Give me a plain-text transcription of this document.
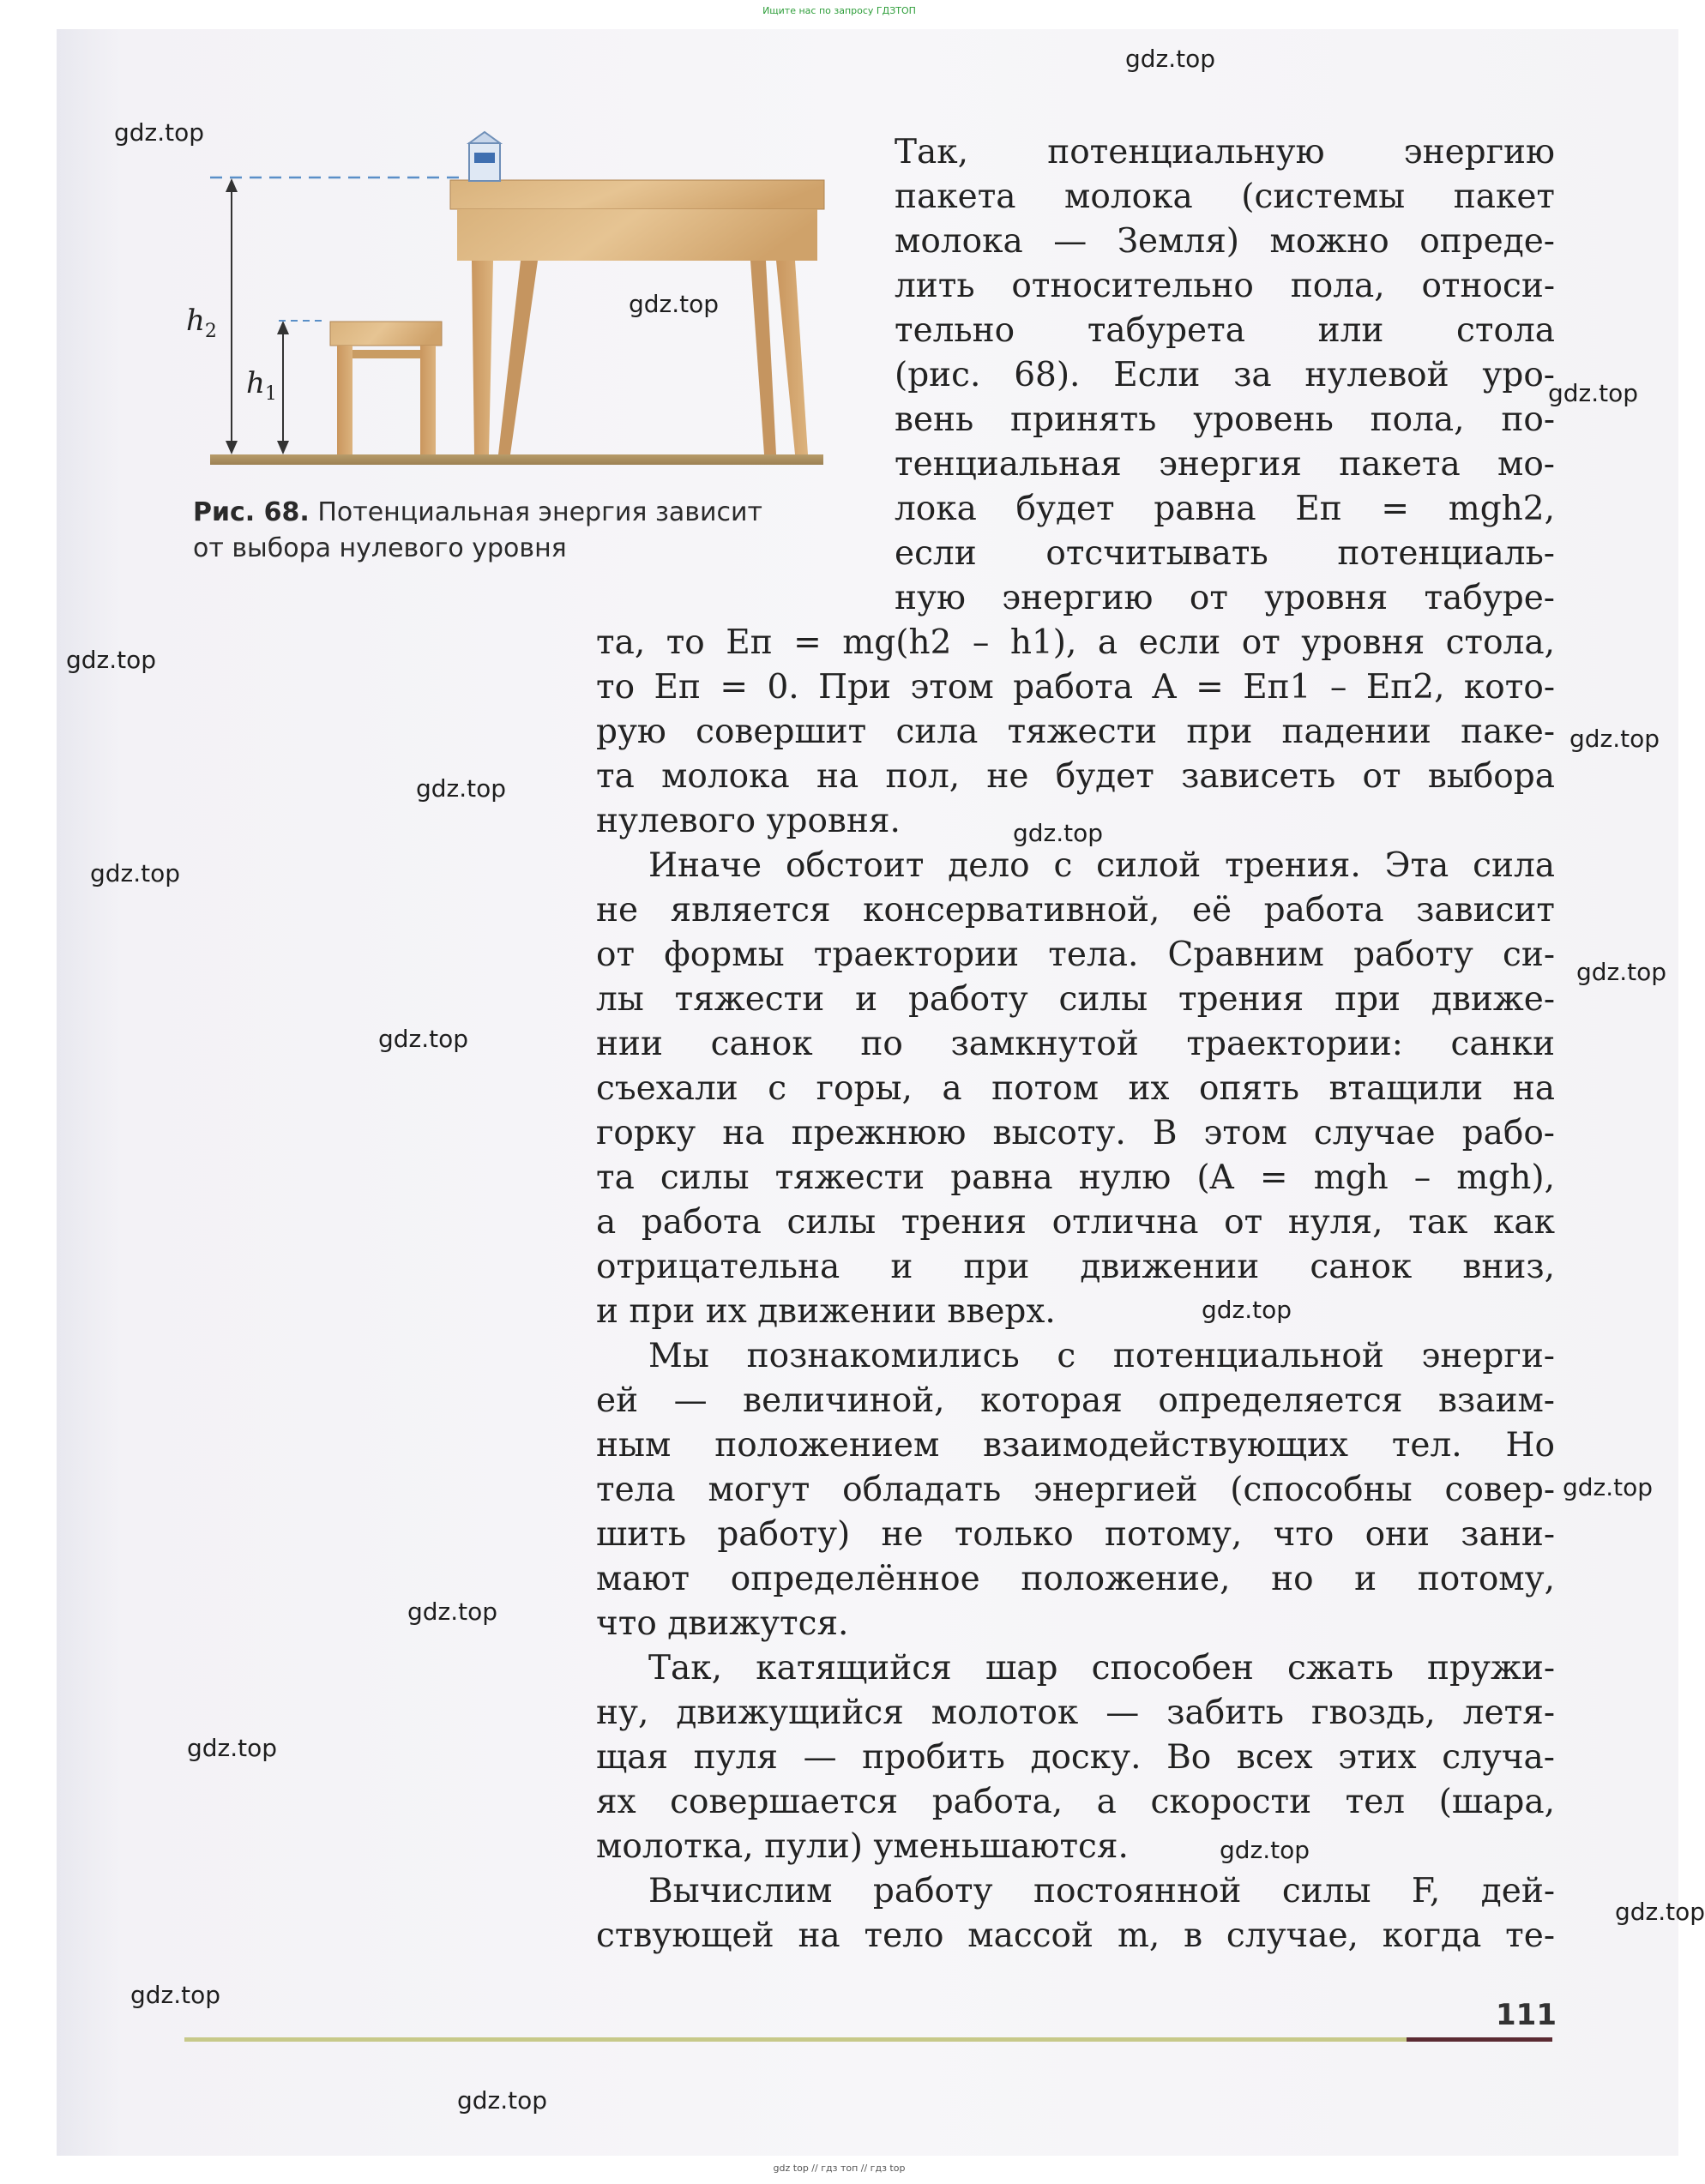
Ищите нас по запросу ГДЗТОП
$h_2$
$h_1$
Рис. 68. Потенциальная энергия зависит
от выбора нулевого уровня
Так, потенциальную энергию
пакета молока (системы пакет
молока — Земля) можно опреде-
лить относительно пола, относи-
тельно табурета или стола
(рис. 68). Если за нулевой уро-
вень принять уровень пола, по-
тенциальная энергия пакета мо-
лока будет равна Eп = mgh2,
если отсчитывать потенциаль-
ную энергию от уровня табуре-
та, то Eп = mg(h2 – h1), а если от уровня стола,
то Eп = 0. При этом работа A = Eп1 – Eп2, кото-
рую совершит сила тяжести при падении паке-
та молока на пол, не будет зависеть от выбора
нулевого уровня.
Иначе обстоит дело с силой трения. Эта сила
не является консервативной, её работа зависит
от формы траектории тела. Сравним работу си-
лы тяжести и работу силы трения при движе-
нии санок по замкнутой траектории: санки
съехали с горы, а потом их опять втащили на
горку на прежнюю высоту. В этом случае рабо-
та силы тяжести равна нулю (A = mgh – mgh),
а работа силы трения отлична от нуля, так как
отрицательна и при движении санок вниз,
и при их движении вверх.
Мы познакомились с потенциальной энерги-
ей — величиной, которая определяется взаим-
ным положением взаимодействующих тел. Но
тела могут обладать энергией (способны совер-
шить работу) не только потому, что они зани-
мают определённое положение, но и потому,
что движутся.
Так, катящийся шар способен сжать пружи-
ну, движущийся молоток — забить гвоздь, летя-
щая пуля — пробить доску. Во всех этих случа-
ях совершается работа, а скорости тел (шара,
молотка, пули) уменьшаются.
Вычислим работу постоянной силы F, дей-
ствующей на тело массой m, в случае, когда те-
111
gdz top // гдз топ // гдз top
gdz.top
gdz.top
gdz.top
gdz.top
gdz.top
gdz.top
gdz.top
gdz.top
gdz.top
gdz.top
gdz.top
gdz.top
gdz.top
gdz.top
gdz.top
gdz.top
gdz.top
gdz.top
gdz.top
